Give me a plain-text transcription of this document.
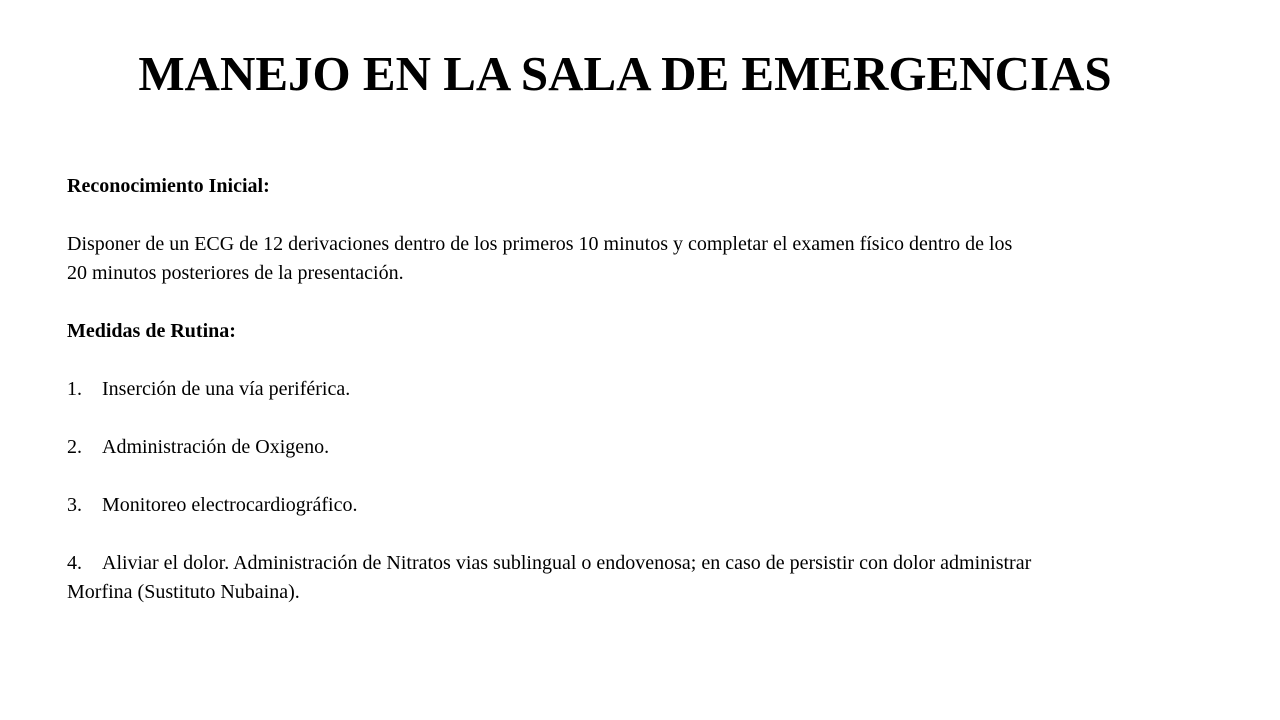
MANEJO EN LA SALA DE EMERGENCIAS

Reconocimiento Inicial:

Disponer de un ECG de 12 derivaciones dentro de los primeros 10 minutos y completar el examen físico dentro de los

20 minutos posteriores de la presentación.

Medidas de Rutina:

1. Inserción de una vía periférica.
2. Administración de Oxigeno.
3. Monitoreo electrocardiográfico.
4. Aliviar el dolor. Administración de Nitratos vias sublingual o endovenosa; en caso de persistir con dolor administrar
Morfina (Sustituto Nubaina).
